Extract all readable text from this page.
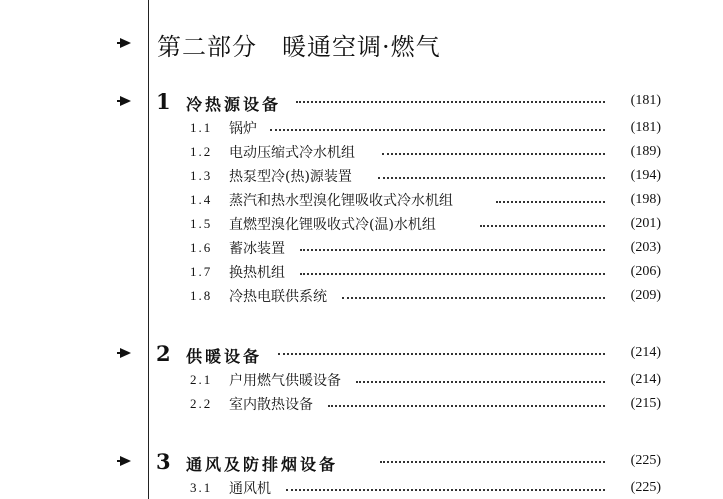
第二部分　暖通空调·燃气
1 冷热源设备	(181)
1.1 锅炉	(181)
1.2 电动压缩式冷水机组	(189)
1.3 热泵型冷(热)源装置	(194)
1.4 蒸汽和热水型溴化锂吸收式冷水机组	(198)
1.5 直燃型溴化锂吸收式冷(温)水机组	(201)
1.6 蓄冰装置	(203)
1.7 换热机组	(206)
1.8 冷热电联供系统	(209)
2 供暖设备	(214)
2.1 户用燃气供暖设备	(214)
2.2 室内散热设备	(215)
3 通风及防排烟设备	(225)
3.1 通风机	(225)
